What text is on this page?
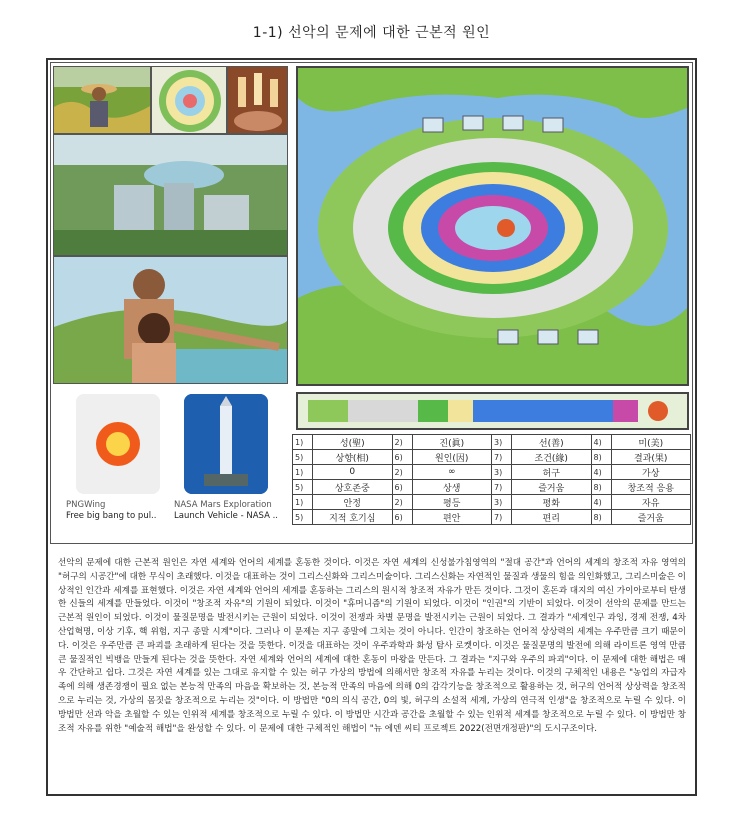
1-1) 선악의 문제에 대한 근본적 원인
PNGWing
Free big bang to pul..
NASA Mars Exploration
Launch Vehicle - NASA ..
1)	성(聖)	2)	진(眞)	3)	선(善)	4)	미(美)
5)	상향(相)	6)	원인(因)	7)	조건(緣)	8)	결과(果)
1)	0	2)	∞	3)	허구	4)	가상
5)	상호존중	6)	상생	7)	즐거움	8)	창조적 응용
1)	안정	2)	평등	3)	평화	4)	자유
5)	지적 호기심	6)	편안	7)	편리	8)	즐거움
선악의 문제에 대한 근본적 원인은 자연 세계와 언어의 세계를 혼동한 것이다. 이것은 자연 세계의 신성불가침영역의 "절대 공간"과 언어의 세계의 창조적 자유 영역의 "허구의 시공간"에 대한 무식이 초래했다. 이것을 대표하는 것이 그리스신화와 그리스미술이다. 그리스신화는 자연적인 물질과 생물의 힘을 의인화했고, 그리스미술은 이상적인 인간과 세계를 표현했다. 이것은 자연 세계와 언어의 세계를 혼동하는 그리스의 원시적 창조적 자유가 만든 것이다. 그것이 혼돈과 대지의 여신 가이아로부터 탄생한 신들의 세계를 만들었다. 이것이 "창조적 자유"의 기원이 되었다. 이것이 "휴머니즘"의 기원이 되었다. 이것이 "인권"의 기반이 되었다. 이것이 선악의 문제를 만드는 근본적 원인이 되었다. 이것이 물질문명을 발전시키는 근원이 되었다. 이것이 전쟁과 차별 문명을 발전시키는 근원이 되었다. 그 결과가 "세계인구 과잉, 경제 전쟁, 4차 산업혁명, 이상 기후, 핵 위험, 지구 종말 시계"이다. 그러나 이 문제는 지구 종말에 그치는 것이 아니다. 인간이 창조하는 언어적 상상력의 세계는 우주만큼 크기 때문이다. 이것은 우주만큼 큰 파괴를 초래하게 된다는 것을 뜻한다. 이것을 대표하는 것이 우주과학과 화성 탐사 로켓이다. 이것은 물질문명의 발전에 의해 라이트론 영역 만큼 큰 물질적인 빅뱅을 만들게 된다는 것을 뜻한다. 자연 세계와 언어의 세계에 대한 혼동이 마왕을 만든다. 그 결과는 "지구와 우주의 파괴"이다. 이 문제에 대한 해법은 매우 간단하고 쉽다. 그것은 자연 세계를 있는 그대로 유지할 수 있는 허구 가상의 방법에 의해서만 창조적 자유를 누리는 것이다. 이것의 구체적인 내용은 "농업의 자급자족에 의해 생존경쟁이 필요 없는 본능적 만족의 마음을 확보하는 것, 본능적 만족의 마음에 의해 0의 감각기능을 창조적으로 활용하는 것, 허구의 언어적 상상력을 창조적으로 누리는 것, 가상의 몸짓을 창조적으로 누리는 것"이다. 이 방법만 "0의 의식 공간, 0의 빛, 허구의 소설적 세계, 가상의 연극적 인생"을 창조적으로 누릴 수 있다. 이 방법만 선과 악을 초월할 수 있는 인위적 세계를 창조적으로 누릴 수 있다. 이 방법만 시간과 공간을 초월할 수 있는 인위적 세계를 창조적으로 누릴 수 있다. 이 방법만 창조적 자유를 위한 "예술적 해법"을 완성할 수 있다. 이 문제에 대한 구체적인 해법이 "뉴 에덴 씨티 프로젝트 2022(전면개정판)"의 도시구조이다.
